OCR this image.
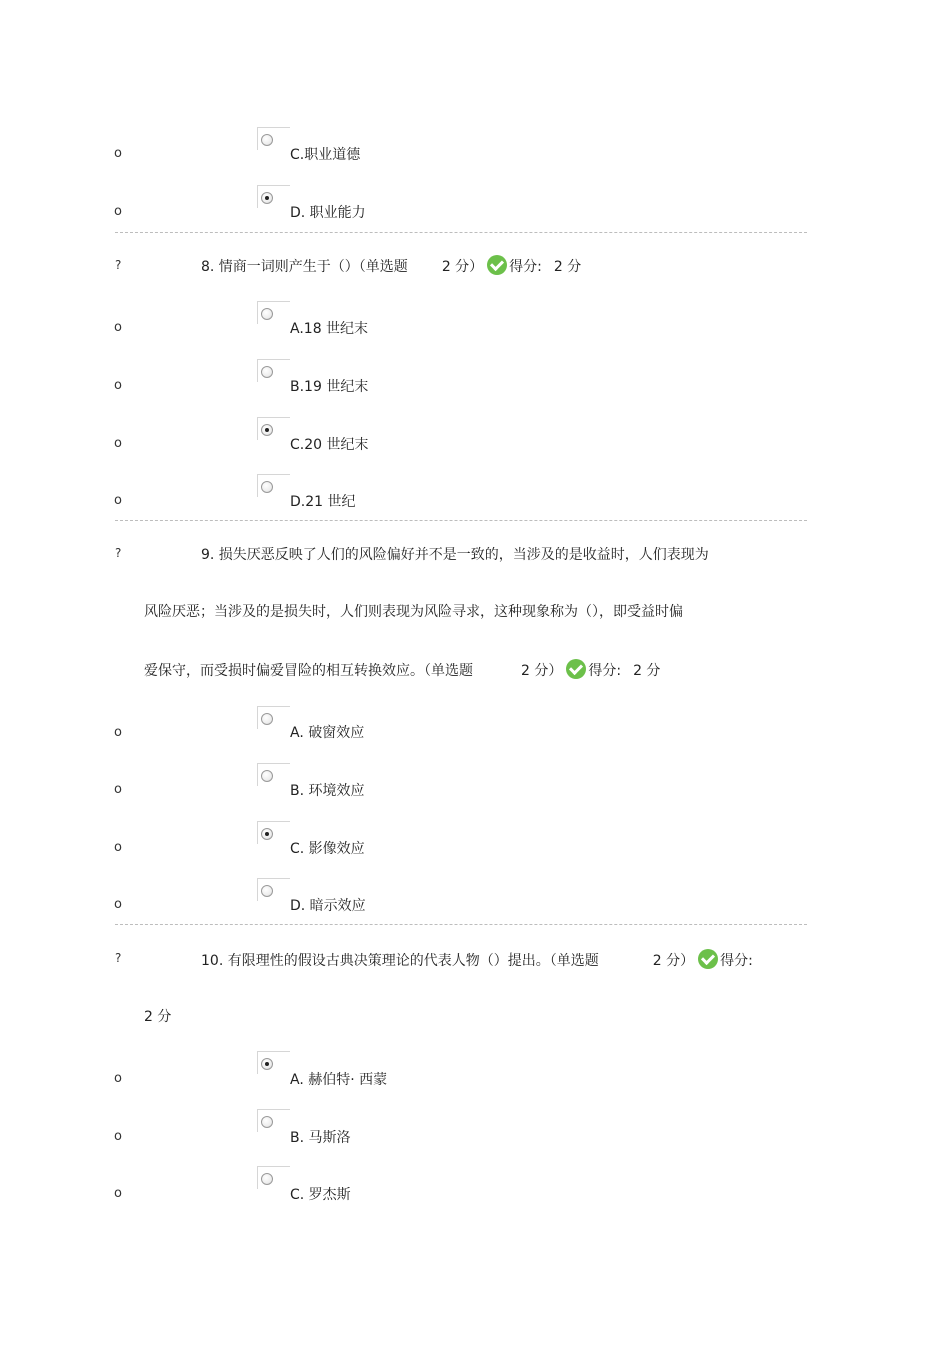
o	C.职业道德
o	D. 职业能力
?	8. 情商一词则产生于（）（单选题 2 分） 得分: 2 分
o	A.18 世纪末
o	B.19 世纪末
o	C.20 世纪末
o	D.21 世纪
?	9. 损失厌恶反映了人们的风险偏好并不是一致的，当涉及的是收益时，人们表现为
风险厌恶；当涉及的是损失时，人们则表现为风险寻求，这种现象称为（），即受益时偏
爱保守，而受损时偏爱冒险的相互转换效应。（单选题	2 分） 得分: 2 分
o	A. 破窗效应
o	B. 环境效应
o	C. 影像效应
o	D. 暗示效应
?	10. 有限理性的假设古典决策理论的代表人物（）提出。（单选题	2 分） 得分:
2 分
o	A. 赫伯特· 西蒙
o	B. 马斯洛
o	C. 罗杰斯
